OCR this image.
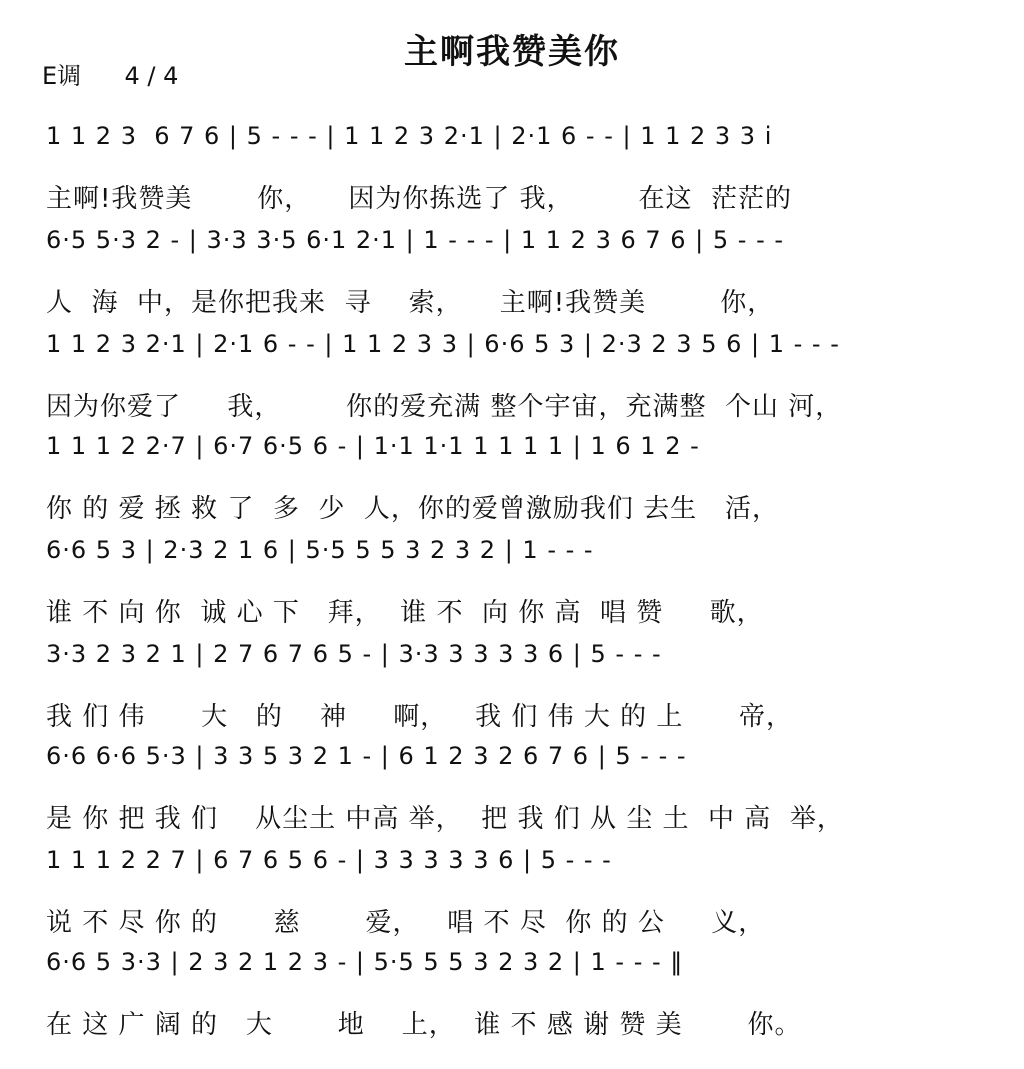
主啊我赞美你
E调 4 / 4
1 1 2 3  6 7 6 | 5 - - - | 1 1 2 3 2·1 | 2·1 6 - - | 1 1 2 3 3 i
主啊!我赞美       你，    因为你拣选了 我，       在这  茫茫的
6·5 5·3 2 - | 3·3 3·5 6·1 2·1 | 1 - - - | 1 1 2 3 6 7 6 | 5 - - -
人  海  中，是你把我来  寻    索，    主啊!我赞美        你，
1 1 2 3 2·1 | 2·1 6 - - | 1 1 2 3 3 | 6·6 5 3 | 2·3 2 3 5 6 | 1 - - -
因为你爱了     我，       你的爱充满 整个宇宙，充满整  个山 河，
1 1 1 2 2·7 | 6·7 6·5 6 - | 1·1 1·1 1 1 1 1 | 1 6 1 2 -
你 的 爱 拯 救 了  多  少  人，你的爱曾激励我们 去生   活，
6·6 5 3 | 2·3 2 1 6 | 5·5 5 5 3 2 3 2 | 1 - - -
谁 不 向 你  诚 心 下   拜，  谁 不  向 你 高  唱 赞     歌，
3·3 2 3 2 1 | 2 7 6 7 6 5 - | 3·3 3 3 3 3 6 | 5 - - -
我 们 伟      大   的    神     啊，   我 们 伟 大 的 上      帝，
6·6 6·6 5·3 | 3 3 5 3 2 1 - | 6 1 2 3 2 6 7 6 | 5 - - -
是 你 把 我 们    从尘土 中高 举，  把 我 们 从 尘 土  中 高  举，
1 1 1 2 2 7 | 6 7 6 5 6 - | 3 3 3 3 3 6 | 5 - - -
说 不 尽 你 的      慈       爱，   唱 不 尽  你 的 公     义，
6·6 5 3·3 | 2 3 2 1 2 3 - | 5·5 5 5 3 2 3 2 | 1 - - - ‖
在 这 广 阔 的   大       地    上，  谁 不 感 谢 赞 美       你。
